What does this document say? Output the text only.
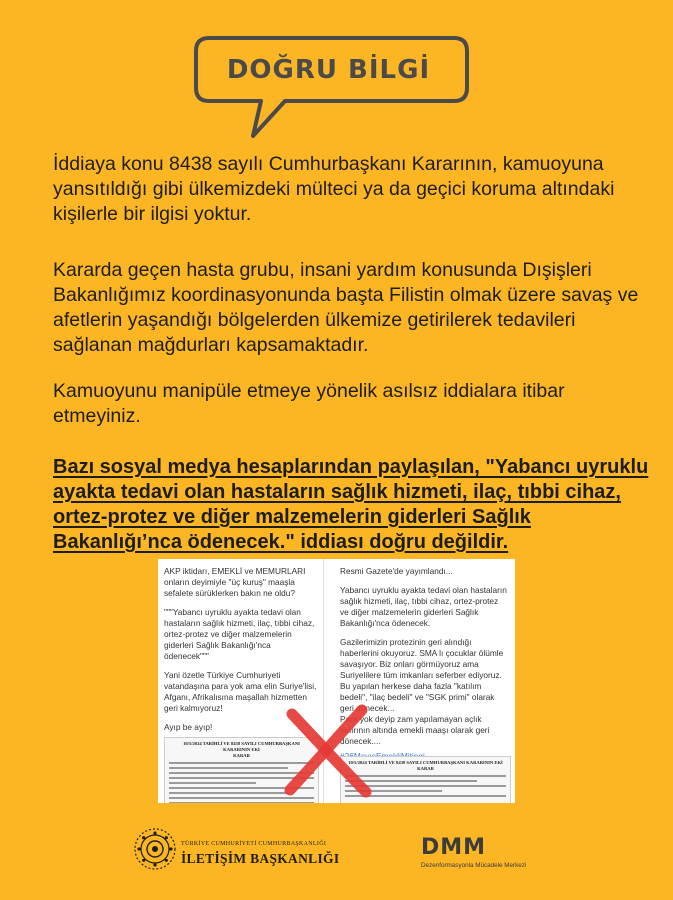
DOĞRU BİLGİ

İddiaya konu 8438 sayılı Cumhurbaşkanı Kararının, kamuoyuna yansıtıldığı gibi ülkemizdeki mülteci ya da geçici koruma altındaki kişilerle bir ilgisi yoktur.

Kararda geçen hasta grubu, insani yardım konusunda Dışişleri Bakanlığımız koordinasyonunda başta Filistin olmak üzere savaş ve afetlerin yaşandığı bölgelerden ülkemize getirilerek tedavileri sağlanan mağdurları kapsamaktadır.

Kamuoyunu manipüle etmeye yönelik asılsız iddialara itibar etmeyiniz.

Bazı sosyal medya hesaplarından paylaşılan, "Yabancı uyruklu ayakta tedavi olan hastaların sağlık hizmeti, ilaç, tıbbi cihaz, ortez-protez ve diğer malzemelerin giderleri Sağlık Bakanlığı’nca ödenecek." iddiası doğru değildir.

AKP iktidarı, EMEKLİ ve MEMURLARI onların deyimiyle "üç kuruş" maaşla sefalete sürüklerken bakın ne oldu?

"""Yabancı uyruklu ayakta tedavi olan hastaların sağlık hizmeti, ilaç, tıbbi cihaz, ortez-protez ve diğer malzemelerin giderleri Sağlık Bakanlığı'nca ödenecek"""

Yani özetle Türkiye Cumhuriyeti vatandaşına para yok ama elin Suriye'lisi, Afganı, Afrikalısına maşallah hizmetten geri kalmıyoruz!

Ayıp be ayıp!

10/5/2024 TARİHLİ VE 8438 SAYILI CUMHURBAŞKANI KARARININ EKİ
KARAR

Resmi Gazete'de yayımlandı...

Yabancı uyruklu ayakta tedavi olan hastaların sağlık hizmeti, ilaç, tıbbi cihaz, ortez-protez ve diğer malzemelerin giderleri Sağlık Bakanlığı'nca ödenecek.

Gazilerimizin protezinin geri alındığı haberlerini okuyoruz. SMA lı çocuklar ölümle savaşıyor. Biz onları görmüyoruz ama Suriyelilere tüm imkanları seferber ediyoruz.

Bu yapılan herkese daha fazla "katılım bedeli", "ilaç bedeli" ve "SGK primi" olarak geri dönecek...

Para yok deyip zam yapılamayan açlık sınırının altında emekli maaşı olarak geri dönecek....

10/5/2024 TARİHLİ VE 8438 SAYILI CUMHURBAŞKANI KARARININ EKİ
KARAR
TÜRKİYE CUMHURİYETİ CUMHURBAŞKANLIĞI
İLETİŞİM BAŞKANLIĞI	DMM
Dezenformasyonla Mücadele Merkezi
